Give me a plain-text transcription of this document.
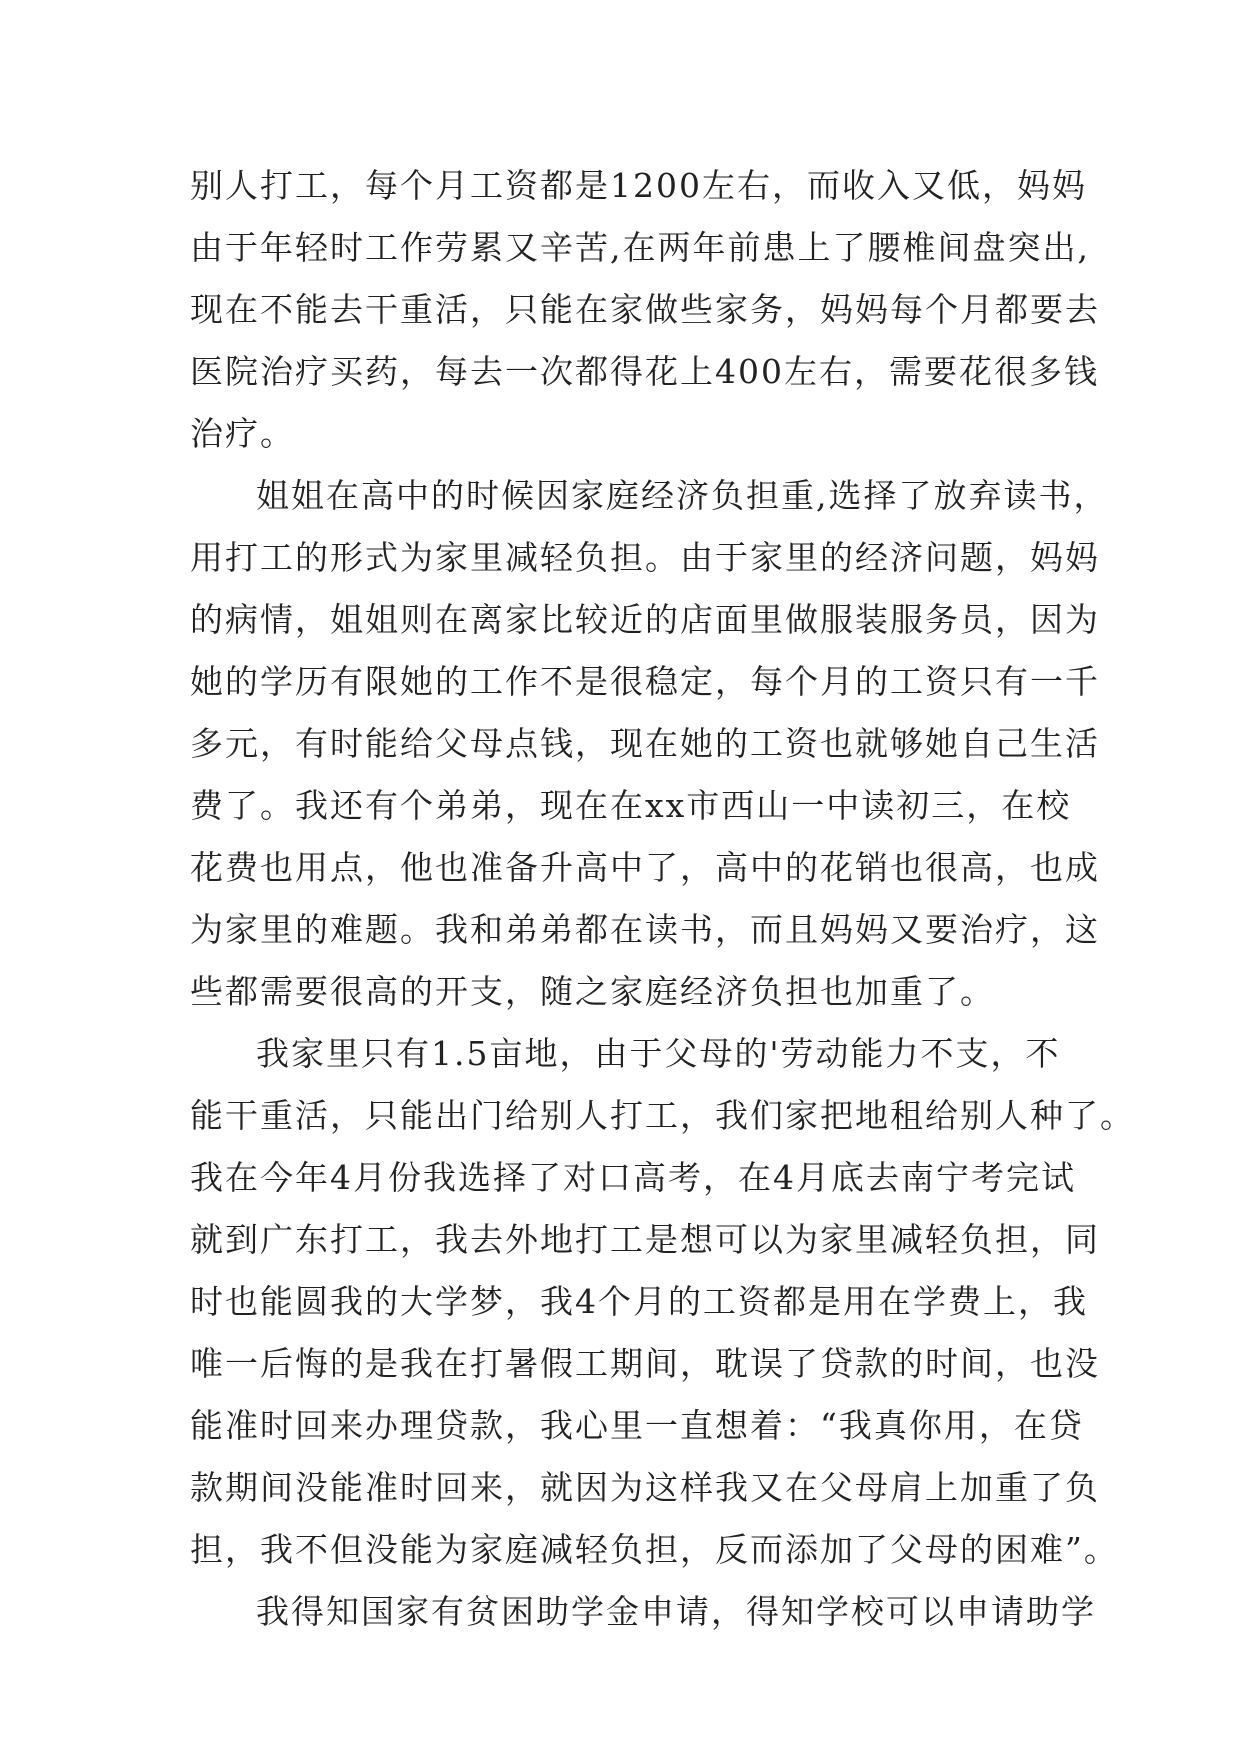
别人打工，每个月工资都是1200左右，而收入又低，妈妈
由于年轻时工作劳累又辛苦,在两年前患上了腰椎间盘突出,
现在不能去干重活，只能在家做些家务，妈妈每个月都要去
医院治疗买药，每去一次都得花上400左右，需要花很多钱
治疗。
姐姐在高中的时候因家庭经济负担重,选择了放弃读书，
用打工的形式为家里减轻负担。由于家里的经济问题，妈妈
的病情，姐姐则在离家比较近的店面里做服装服务员，因为
她的学历有限她的工作不是很稳定，每个月的工资只有一千
多元，有时能给父母点钱，现在她的工资也就够她自己生活
费了。我还有个弟弟，现在在xx市西山一中读初三，在校
花费也用点，他也准备升高中了，高中的花销也很高，也成
为家里的难题。我和弟弟都在读书，而且妈妈又要治疗，这
些都需要很高的开支，随之家庭经济负担也加重了。
我家里只有1.5亩地，由于父母的'劳动能力不支，不
能干重活，只能出门给别人打工，我们家把地租给别人种了。
我在今年4月份我选择了对口高考，在4月底去南宁考完试
就到广东打工，我去外地打工是想可以为家里减轻负担，同
时也能圆我的大学梦，我4个月的工资都是用在学费上，我
唯一后悔的是我在打暑假工期间，耽误了贷款的时间，也没
能准时回来办理贷款，我心里一直想着：“我真你用，在贷
款期间没能准时回来，就因为这样我又在父母肩上加重了负
担，我不但没能为家庭减轻负担，反而添加了父母的困难”。
我得知国家有贫困助学金申请，得知学校可以申请助学
